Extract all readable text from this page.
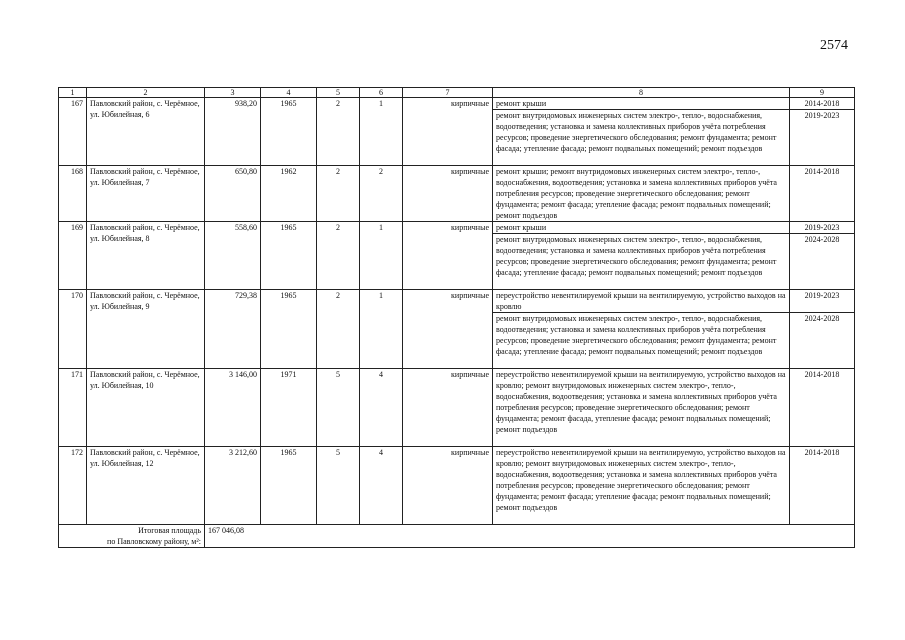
2574
1	2	3	4	5	6	7	8	9
167	Павловский район, с. Черёмное, ул. Юбилейная, 6	938,20	1965	2	1	кирпичные	ремонт крыши	2014-2018
							ремонт внутридомовых инженерных систем электро-, тепло-, водоснабжения, водоотведения; установка и замена коллективных приборов учёта потребления ресурсов; проведение энергетического обследования; ремонт фундамента; ремонт фасада; утепление фасада; ремонт подвальных помещений; ремонт подъездов	2019-2023
168	Павловский район, с. Черёмное, ул. Юбилейная, 7	650,80	1962	2	2	кирпичные	ремонт крыши; ремонт внутридомовых инженерных систем электро-, тепло-, водоснабжения, водоотведения; установка и замена коллективных приборов учёта потребления ресурсов; проведение энергетического обследования; ремонт фундамента; ремонт фасада; утепление фасада; ремонт подвальных помещений; ремонт подъездов	2014-2018
169	Павловский район, с. Черёмное, ул. Юбилейная, 8	558,60	1965	2	1	кирпичные	ремонт крыши	2019-2023
							ремонт внутридомовых инженерных систем электро-, тепло-, водоснабжения, водоотведения; установка и замена коллективных приборов учёта потребления ресурсов; проведение энергетического обследования; ремонт фундамента; ремонт фасада; утепление фасада; ремонт подвальных помещений; ремонт подъездов	2024-2028
170	Павловский район, с. Черёмное, ул. Юбилейная, 9	729,38	1965	2	1	кирпичные	переустройство невентилируемой крыши на вентилируемую, устройство выходов на кровлю	2019-2023
							ремонт внутридомовых инженерных систем электро-, тепло-, водоснабжения, водоотведения; установка и замена коллективных приборов учёта потребления ресурсов; проведение энергетического обследования; ремонт фундамента; ремонт фасада; утепление фасада; ремонт подвальных помещений; ремонт подъездов	2024-2028
171	Павловский район, с. Черёмное, ул. Юбилейная, 10	3 146,00	1971	5	4	кирпичные	переустройство невентилируемой крыши на вентилируемую, устройство выходов на кровлю; ремонт внутридомовых инженерных систем электро-, тепло-, водоснабжения, водоотведения; установка и замена коллективных приборов учёта потребления ресурсов; проведение энергетического обследования; ремонт фундамента; ремонт фасада, утепление фасада; ремонт подвальных помещений; ремонт подъездов	2014-2018
172	Павловский район, с. Черёмное, ул. Юбилейная, 12	3 212,60	1965	5	4	кирпичные	переустройство невентилируемой крыши на вентилируемую, устройство выходов на кровлю; ремонт внутридомовых инженерных систем электро-, тепло-, водоснабжения, водоотведения; установка и замена коллективных приборов учёта потребления ресурсов; проведение энергетического обследования; ремонт фундамента; ремонт фасада; утепление фасада; ремонт подвальных помещений; ремонт подъездов	2014-2018

Итоговая площадь
по Павловскому району, м²:		167 046,08						
